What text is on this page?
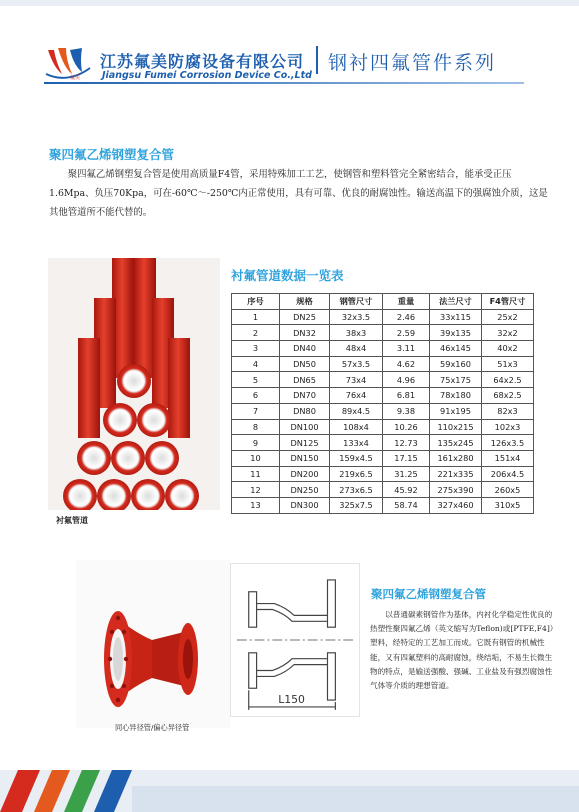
氟美
江苏氟美防腐设备有限公司
Jiangsu Fumei Corrosion Device Co.,Ltd
钢衬四氟管件系列
聚四氟乙烯钢塑复合管

聚四氟乙烯钢塑复合管是使用高质量F4管，采用特殊加工工艺，使钢管和塑料管完全紧密结合，能承受正压1.6Mpa、负压70Kpa，可在-60℃～-250℃内正常使用，具有可靠、优良的耐腐蚀性。输送高温下的强腐蚀介质，这是其他管道所不能代替的。

衬氟管道
衬氟管道数据一览表
序号	规格	钢管尺寸	重量	法兰尺寸	F4管尺寸
1	DN25	32x3.5	2.46	33x115	25x2
2	DN32	38x3	2.59	39x135	32x2
3	DN40	48x4	3.11	46x145	40x2
4	DN50	57x3.5	4.62	59x160	51x3
5	DN65	73x4	4.96	75x175	64x2.5
6	DN70	76x4	6.81	78x180	68x2.5
7	DN80	89x4.5	9.38	91x195	82x3
8	DN100	108x4	10.26	110x215	102x3
9	DN125	133x4	12.73	135x245	126x3.5
10	DN150	159x4.5	17.15	161x280	151x4
11	DN200	219x6.5	31.25	221x335	206x4.5
12	DN250	273x6.5	45.92	275x390	260x5
13	DN300	325x7.5	58.74	327x460	310x5
同心异径管/偏心异径管
L150
聚四氟乙烯钢塑复合管

以普通碳素钢管作为基体，内衬化学稳定性优良的热塑性聚四氟乙烯（英文缩写为Teflon)或[PTFE,F4]）塑料，经特定的工艺加工而成。它既有钢管的机械性能，又有四氟塑料的高耐腐蚀，绕结垢，不易生长微生物的特点，是输送强酸、强碱、工业盐及有强烈腐蚀性气体等介质的理想管道。
